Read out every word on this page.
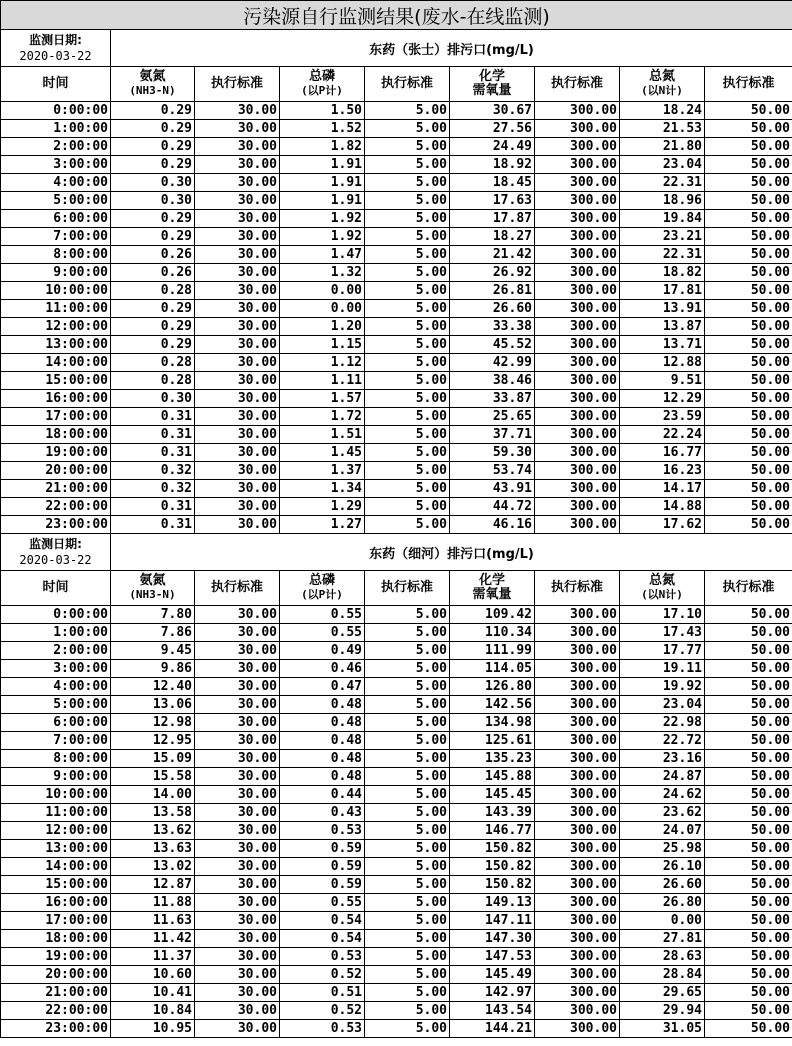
污染源自行监测结果(废水-在线监测)								

监测日期:
2020-03-22	东药（张士）排污口(mg/L)							

时间	氨氮
(NH3-N)	执行标准	总磷
(以P计)	执行标准	化学
需氧量	执行标准	总氮
(以N计)	执行标准

0:00:00	0.29	30.00	1.50	5.00	30.67	300.00	18.24	50.00
1:00:00	0.29	30.00	1.52	5.00	27.56	300.00	21.53	50.00
2:00:00	0.29	30.00	1.82	5.00	24.49	300.00	21.80	50.00
3:00:00	0.29	30.00	1.91	5.00	18.92	300.00	23.04	50.00
4:00:00	0.30	30.00	1.91	5.00	18.45	300.00	22.31	50.00
5:00:00	0.30	30.00	1.91	5.00	17.63	300.00	18.96	50.00
6:00:00	0.29	30.00	1.92	5.00	17.87	300.00	19.84	50.00
7:00:00	0.29	30.00	1.92	5.00	18.27	300.00	23.21	50.00
8:00:00	0.26	30.00	1.47	5.00	21.42	300.00	22.31	50.00
9:00:00	0.26	30.00	1.32	5.00	26.92	300.00	18.82	50.00
10:00:00	0.28	30.00	0.00	5.00	26.81	300.00	17.81	50.00
11:00:00	0.29	30.00	0.00	5.00	26.60	300.00	13.91	50.00
12:00:00	0.29	30.00	1.20	5.00	33.38	300.00	13.87	50.00
13:00:00	0.29	30.00	1.15	5.00	45.52	300.00	13.71	50.00
14:00:00	0.28	30.00	1.12	5.00	42.99	300.00	12.88	50.00
15:00:00	0.28	30.00	1.11	5.00	38.46	300.00	9.51	50.00
16:00:00	0.30	30.00	1.57	5.00	33.87	300.00	12.29	50.00
17:00:00	0.31	30.00	1.72	5.00	25.65	300.00	23.59	50.00
18:00:00	0.31	30.00	1.51	5.00	37.71	300.00	22.24	50.00
19:00:00	0.31	30.00	1.45	5.00	59.30	300.00	16.77	50.00
20:00:00	0.32	30.00	1.37	5.00	53.74	300.00	16.23	50.00
21:00:00	0.32	30.00	1.34	5.00	43.91	300.00	14.17	50.00
22:00:00	0.31	30.00	1.29	5.00	44.72	300.00	14.88	50.00
23:00:00	0.31	30.00	1.27	5.00	46.16	300.00	17.62	50.00

监测日期:
2020-03-22	东药（细河）排污口(mg/L)							

时间	氨氮
(NH3-N)	执行标准	总磷
(以P计)	执行标准	化学
需氧量	执行标准	总氮
(以N计)	执行标准

0:00:00	7.80	30.00	0.55	5.00	109.42	300.00	17.10	50.00
1:00:00	7.86	30.00	0.55	5.00	110.34	300.00	17.43	50.00
2:00:00	9.45	30.00	0.49	5.00	111.99	300.00	17.77	50.00
3:00:00	9.86	30.00	0.46	5.00	114.05	300.00	19.11	50.00
4:00:00	12.40	30.00	0.47	5.00	126.80	300.00	19.92	50.00
5:00:00	13.06	30.00	0.48	5.00	142.56	300.00	23.04	50.00
6:00:00	12.98	30.00	0.48	5.00	134.98	300.00	22.98	50.00
7:00:00	12.95	30.00	0.48	5.00	125.61	300.00	22.72	50.00
8:00:00	15.09	30.00	0.48	5.00	135.23	300.00	23.16	50.00
9:00:00	15.58	30.00	0.48	5.00	145.88	300.00	24.87	50.00
10:00:00	14.00	30.00	0.44	5.00	145.45	300.00	24.62	50.00
11:00:00	13.58	30.00	0.43	5.00	143.39	300.00	23.62	50.00
12:00:00	13.62	30.00	0.53	5.00	146.77	300.00	24.07	50.00
13:00:00	13.63	30.00	0.59	5.00	150.82	300.00	25.98	50.00
14:00:00	13.02	30.00	0.59	5.00	150.82	300.00	26.10	50.00
15:00:00	12.87	30.00	0.59	5.00	150.82	300.00	26.60	50.00
16:00:00	11.88	30.00	0.55	5.00	149.13	300.00	26.80	50.00
17:00:00	11.63	30.00	0.54	5.00	147.11	300.00	0.00	50.00
18:00:00	11.42	30.00	0.54	5.00	147.30	300.00	27.81	50.00
19:00:00	11.37	30.00	0.53	5.00	147.53	300.00	28.63	50.00
20:00:00	10.60	30.00	0.52	5.00	145.49	300.00	28.84	50.00
21:00:00	10.41	30.00	0.51	5.00	142.97	300.00	29.65	50.00
22:00:00	10.84	30.00	0.52	5.00	143.54	300.00	29.94	50.00
23:00:00	10.95	30.00	0.53	5.00	144.21	300.00	31.05	50.00
